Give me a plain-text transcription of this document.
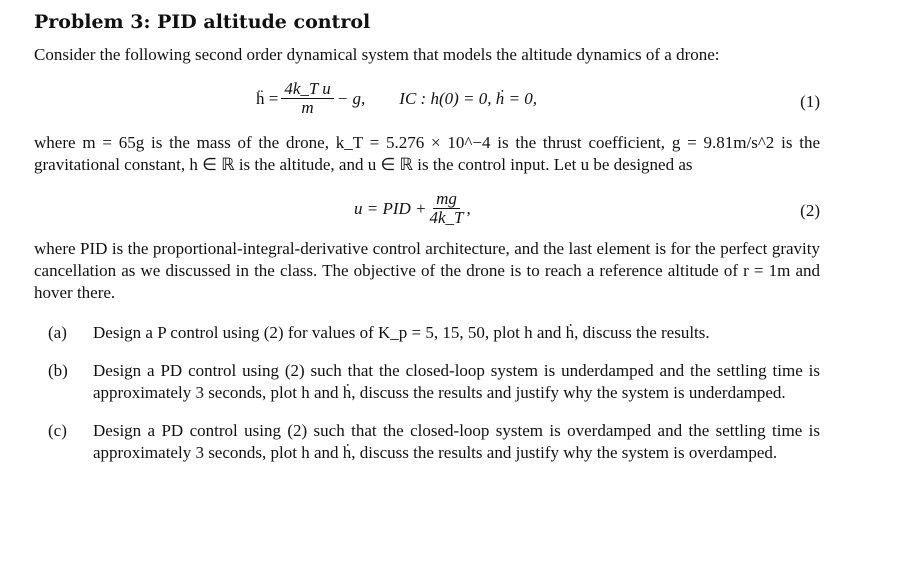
Problem 3: PID altitude control

Consider the following second order dynamical system that models the altitude dynamics of a drone:

ḧ = $\frac{\text{4k\_T u}}{m} - g$, IC : h(0) = 0, ḣ = 0,	(1)

where m = 65g is the mass of the drone, k_T = 5.276 × 10^−4 is the thrust coefficient, g = 9.81m/s^2 is the gravitational constant, h ∈ ℝ is the altitude, and u ∈ ℝ is the control input. Let u be designed as

u = PID + $\frac{mg}{4k\_T}$ ,	(2)

where PID is the proportional-integral-derivative control architecture, and the last element is for the perfect gravity cancellation as we discussed in the class. The objective of the drone is to reach a reference altitude of r = 1m and hover there.

(a)	Design a P control using (2) for values of K_p = 5, 15, 50, plot h and ḣ, discuss the results.
(b)	Design a PD control using (2) such that the closed-loop system is underdamped and the settling time is approximately 3 seconds, plot h and ḣ, discuss the results and justify why the system is underdamped.
(c)	Design a PD control using (2) such that the closed-loop system is overdamped and the settling time is approximately 3 seconds, plot h and ḣ, discuss the results and justify why the system is overdamped.
